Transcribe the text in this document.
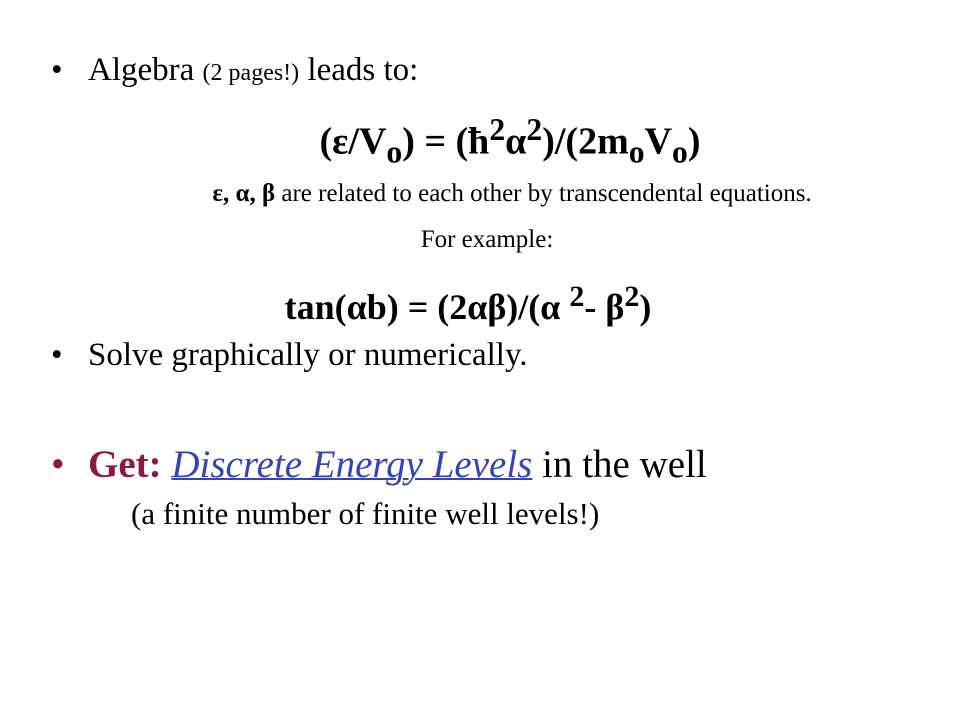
• Algebra (2 pages!) leads to:
$(\varepsilon/V_o)$ = $(ħ^2\alpha^2)/(2m_oV_o)$
ε, α, β are related to each other by transcendental equations.
For example:
tan(αb) = (2αβ)/(α $^2$- $\beta^2$)
• Solve graphically or numerically.
• Get: Discrete Energy Levels in the well
(a finite number of finite well levels!)
